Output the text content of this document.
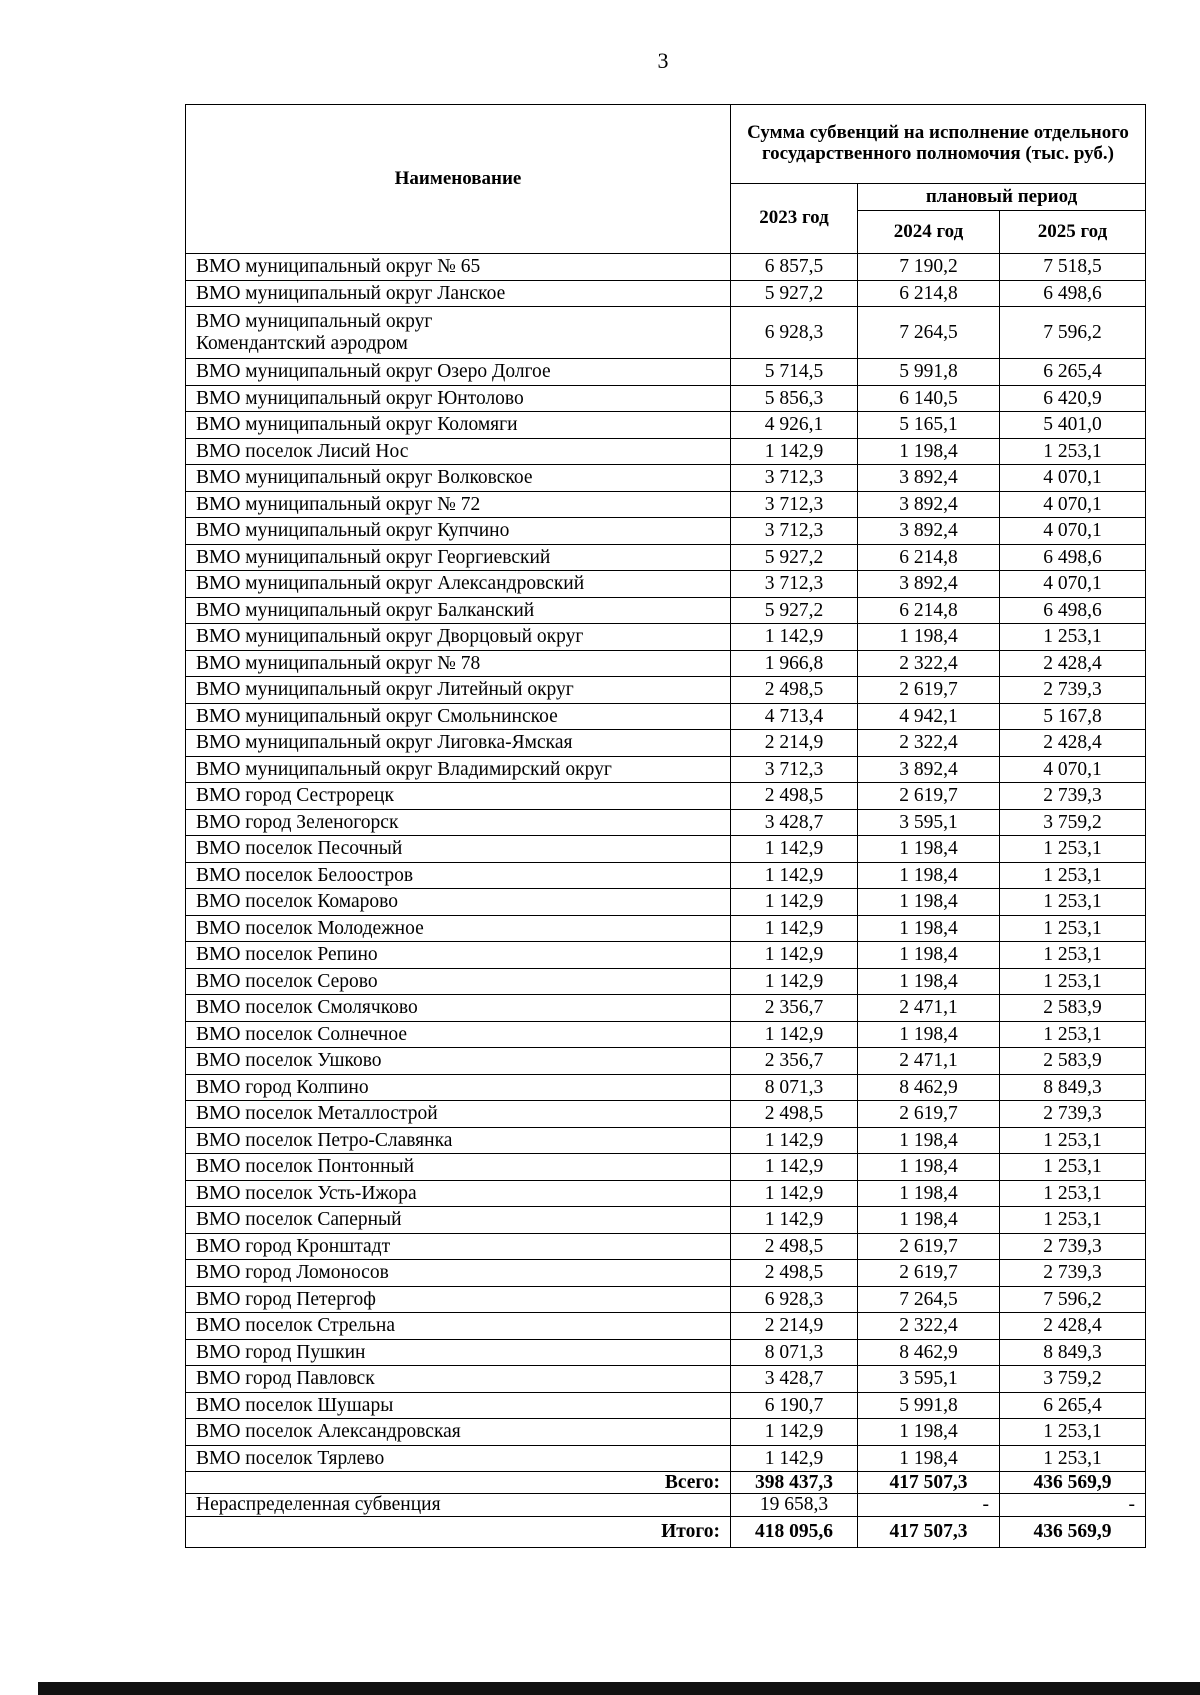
3
Наименование	Сумма субвенций на исполнение отдельного государственного полномочия (тыс. руб.)		
	2023 год	плановый период	
		2024 год	2025 год
ВМО муниципальный округ № 65	6 857,5	7 190,2	7 518,5
ВМО муниципальный округ Ланское	5 927,2	6 214,8	6 498,6
ВМО муниципальный округ
Комендантский аэродром	6 928,3	7 264,5	7 596,2
ВМО муниципальный округ Озеро Долгое	5 714,5	5 991,8	6 265,4
ВМО муниципальный округ Юнтолово	5 856,3	6 140,5	6 420,9
ВМО муниципальный округ Коломяги	4 926,1	5 165,1	5 401,0
ВМО поселок Лисий Нос	1 142,9	1 198,4	1 253,1
ВМО муниципальный округ Волковское	3 712,3	3 892,4	4 070,1
ВМО муниципальный округ № 72	3 712,3	3 892,4	4 070,1
ВМО муниципальный округ Купчино	3 712,3	3 892,4	4 070,1
ВМО муниципальный округ Георгиевский	5 927,2	6 214,8	6 498,6
ВМО муниципальный округ Александровский	3 712,3	3 892,4	4 070,1
ВМО муниципальный округ Балканский	5 927,2	6 214,8	6 498,6
ВМО муниципальный округ Дворцовый округ	1 142,9	1 198,4	1 253,1
ВМО муниципальный округ № 78	1 966,8	2 322,4	2 428,4
ВМО муниципальный округ Литейный округ	2 498,5	2 619,7	2 739,3
ВМО муниципальный округ Смольнинское	4 713,4	4 942,1	5 167,8
ВМО муниципальный округ Лиговка-Ямская	2 214,9	2 322,4	2 428,4
ВМО муниципальный округ Владимирский округ	3 712,3	3 892,4	4 070,1
ВМО город Сестрорецк	2 498,5	2 619,7	2 739,3
ВМО город Зеленогорск	3 428,7	3 595,1	3 759,2
ВМО поселок Песочный	1 142,9	1 198,4	1 253,1
ВМО поселок Белоостров	1 142,9	1 198,4	1 253,1
ВМО поселок Комарово	1 142,9	1 198,4	1 253,1
ВМО поселок Молодежное	1 142,9	1 198,4	1 253,1
ВМО поселок Репино	1 142,9	1 198,4	1 253,1
ВМО поселок Серово	1 142,9	1 198,4	1 253,1
ВМО поселок Смолячково	2 356,7	2 471,1	2 583,9
ВМО поселок Солнечное	1 142,9	1 198,4	1 253,1
ВМО поселок Ушково	2 356,7	2 471,1	2 583,9
ВМО город Колпино	8 071,3	8 462,9	8 849,3
ВМО поселок Металлострой	2 498,5	2 619,7	2 739,3
ВМО поселок Петро-Славянка	1 142,9	1 198,4	1 253,1
ВМО поселок Понтонный	1 142,9	1 198,4	1 253,1
ВМО поселок Усть-Ижора	1 142,9	1 198,4	1 253,1
ВМО поселок Саперный	1 142,9	1 198,4	1 253,1
ВМО город Кронштадт	2 498,5	2 619,7	2 739,3
ВМО город Ломоносов	2 498,5	2 619,7	2 739,3
ВМО город Петергоф	6 928,3	7 264,5	7 596,2
ВМО поселок Стрельна	2 214,9	2 322,4	2 428,4
ВМО город Пушкин	8 071,3	8 462,9	8 849,3
ВМО город Павловск	3 428,7	3 595,1	3 759,2
ВМО поселок Шушары	6 190,7	5 991,8	6 265,4
ВМО поселок Александровская	1 142,9	1 198,4	1 253,1
ВМО поселок Тярлево	1 142,9	1 198,4	1 253,1
Всего:	398 437,3	417 507,3	436 569,9
Нераспределенная субвенция	19 658,3	-	-
Итого:	418 095,6	417 507,3	436 569,9
